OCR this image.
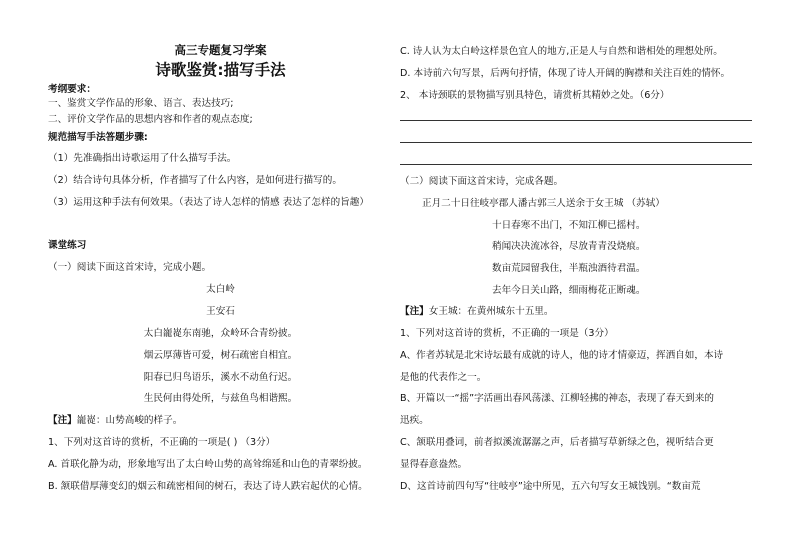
高三专题复习学案
诗歌鉴赏:描写手法
考纲要求：
一、鉴赏文学作品的形象、语言、表达技巧;
二、评价文学作品的思想内容和作者的观点态度;
规范描写手法答题步骤:
（1）先准确指出诗歌运用了什么描写手法。
（2）结合诗句具体分析，作者描写了什么内容，是如何进行描写的。
（3）运用这种手法有何效果。（表达了诗人怎样的情感 表达了怎样的旨趣）
课堂练习
（一）阅读下面这首宋诗，完成小题。
太白岭
王安石
太白巃嵸东南驰，众岭环合青纷披。
烟云厚薄皆可爱，树石疏密自相宜。
阳春已归鸟语乐，溪水不动鱼行迟。
生民何由得处所，与兹鱼鸟相谐熙。
【注】巃嵸：山势高峻的样子。
1、下列对这首诗的赏析，不正确的一项是( ) （3分）
A. 首联化静为动，形象地写出了太白岭山势的高耸绵延和山色的青翠纷披。
B. 颔联借厚薄变幻的烟云和疏密相间的树石，表达了诗人跌宕起伏的心情。
C. 诗人认为太白岭这样景色宜人的地方,正是人与自然和谐相处的理想处所。
D. 本诗前六句写景，后两句抒情，体现了诗人开阔的胸襟和关注百姓的情怀。
2、 本诗颈联的景物描写别具特色，请赏析其精妙之处。（6分）
（二）阅读下面这首宋诗，完成各题。
正月二十日往岐亭郡人潘古郭三人送余于女王城 （苏轼）
十日春寒不出门，不知江柳已摇村。
稍闻决决流冰谷，尽放青青没烧痕。
数亩荒园留我住，半瓶浊酒待君温。
去年今日关山路，细雨梅花正断魂。
【注】女王城：在黄州城东十五里。
1、下列对这首诗的赏析，不正确的一项是（3分）
A、作者苏轼是北宋诗坛最有成就的诗人，他的诗才情豪迈，挥洒自如，本诗
是他的代表作之一。
B、开篇以一“摇”字活画出春风荡漾、江柳轻拂的神态，表现了春天到来的
迅疾。
C、颔联用叠词，前者拟溪流潺潺之声，后者描写草新绿之色，视听结合更
显得春意盎然。
D、这首诗前四句写“往岐亭”途中所见，五六句写女王城饯别。“数亩荒
